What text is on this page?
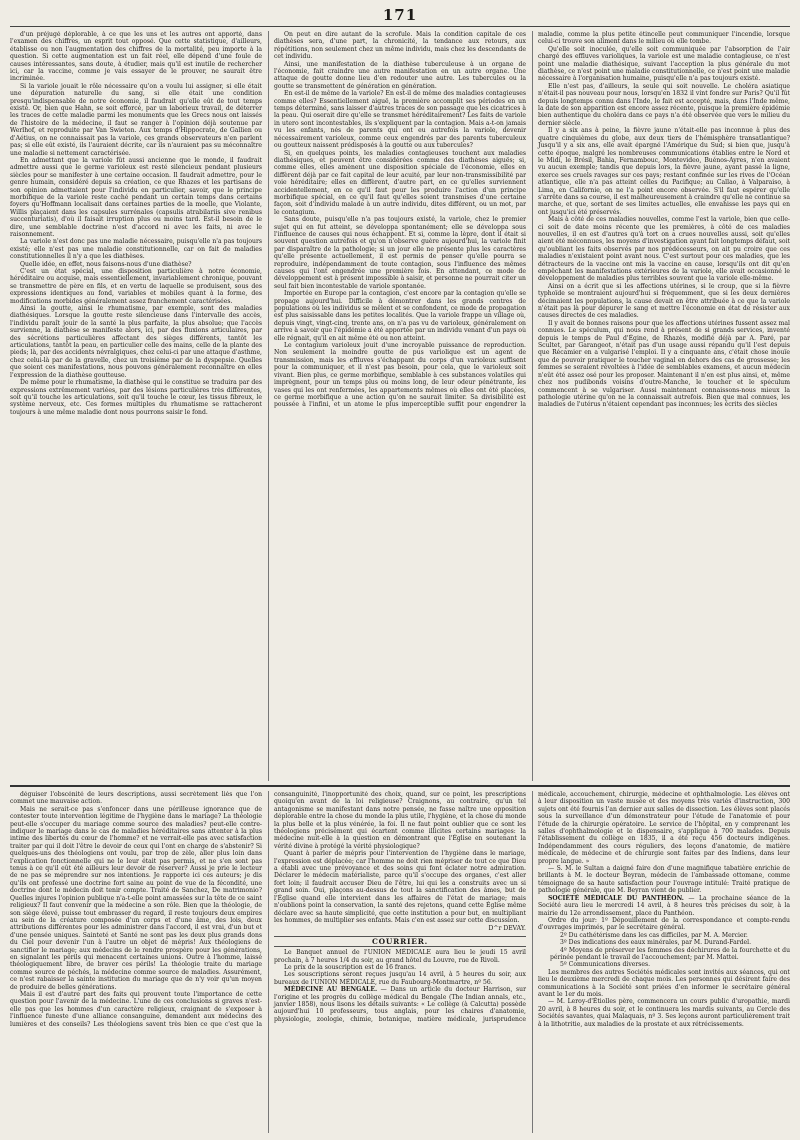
171

d'un préjugé déplorable, à ce que les uns et les autres ont apporté, dans l'examen des chiffres, un esprit tout opposé. Que cette statistique, d'ailleurs, établisse ou non l'augmentation des chiffres de la mortalité, peu importe à la question. Si cette augmentation est un fait réel, elle dépend d'une foule de causes intéressantes, sans doute, à étudier, mais qu'il est inutile de rechercher ici, car la vaccine, comme je vais essayer de le prouver, ne saurait être incriminée.

Si la variole jouait le rôle nécessaire qu'on a voulu lui assigner, si elle était une dépuration naturelle du sang, si elle était une condition presqu'indispensable de notre économie, il faudrait qu'elle eût de tout temps existé. Or, bien que Hahn, se soit efforcé, par un laborieux travail, de déterrer les traces de cette maladie parmi les monuments que les Grecs nous ont laissés de l'histoire de la médecine, il faut se ranger à l'opinion déjà soutenue par Werlhof, et reproduite par Van Swieten. Aux temps d'Hippocrate, de Gallien ou d'Aétius, on ne connaissait pas la variole, ces grands observateurs n'en parlent pas; si elle eût existé, ils l'auraient décrite, car ils n'auraient pas su méconnaître une maladie si nettement caractérisée.

En admettant que la variole fût aussi ancienne que le monde, il faudrait admettre aussi que le germe varioleux est resté silencieux pendant plusieurs siècles pour se manifester à une certaine occasion. Il faudrait admettre, pour le genre humain, considéré depuis sa création, ce que Rhazes et les partisans de son opinion admettaient pour l'individu en particulier, savoir, que le principe morbifique de la variole reste caché pendant un certain temps dans certains foyers qu'Hoffmann localisait dans certaines parties de la moelle, que Violante, Willis plaçaient dans les capsules surrénales (capsulis atrabilariis sive renibus succenturiatis), d'où il faisait irruption plus ou moins tard. Est-il besoin de le dire, une semblable doctrine n'est d'accord ni avec les faits, ni avec le raisonnement.

La variole n'est donc pas une maladie nécessaire, puisqu'elle n'a pas toujours existé; elle n'est pas une maladie constitutionnelle, car on fait de maladies constitutionnelles il n'y a que les diathèses.

Quelle idée, en effet, nous faisons-nous d'une diathèse?

C'est un état spécial, une disposition particulière à notre économie, héréditaire ou acquise, mais essentiellement, invariablement chronique, pouvant se transmettre de père en fils, et en vertu de laquelle se produisent, sous des expressions identiques au fond, variables et mobiles quant à la forme, des modifications morbides généralement assez franchement caractérisées.

Ainsi la goutte, ainsi le rhumatisme, par exemple, sont des maladies diathésiques. Lorsque la goutte reste silencieuse dans l'intervalle des accès, l'individu paraît jouir de la santé la plus parfaite, la plus absolue; que l'accès survienne, la diathèse se manifeste alors, ici, par des fluxions articulaires, par des sécrétions particulières affectant des sièges différents, tantôt les articulations, tantôt la peau, en particulier celle des mains, celle de la plante des pieds; là, par des accidents névralgiques, chez celui-ci par une attaque d'asthme, chez celui-là par de la gravelle, chez un troisième par de la dyspepsie. Quelles que soient ces manifestations, nous pouvons généralement reconnaître en elles l'expression de la diathèse goutteuse.

De même pour le rhumatisme, la diathèse qui le constitue se traduira par des expressions extrêmement variées, par des lésions particulières très différentes, soit qu'il touche les articulations, soit qu'il touche le cœur, les tissus fibreux, le système nerveux, etc. Ces formes multiples du rhumatisme se rattacheront toujours à une même maladie dont nous pourrons saisir le fond.

On peut en dire autant de la scrofule. Mais la condition capitale de ces diathèses sera, d'une part, la chronicité, la tendance aux retours, aux répétitions, non seulement chez un même individu, mais chez les descendants de cet individu.

Ainsi, une manifestation de la diathèse tuberculeuse à un organe de l'économie, fait craindre une autre manifestation en un autre organe. Une attaque de goutte donne lieu d'en redouter une autre. Les tubercules ou la goutte se transmettent de génération en génération.

En est-il de même de la variole? En est-il de même des maladies contagieuses comme elles? Essentiellement aiguë, la première accomplit ses périodes en un temps déterminé, sans laisser d'autres traces de son passage que les cicatrices à la peau. Qui oserait dire qu'elle se transmet héréditairement? Les faits de variole in utero sont incontestables, ils s'expliquent par la contagion. Mais a-t-on jamais vu les enfants, nés de parents qui ont eu autrefois la variole, devenir nécessairement varioleux, comme ceux engendrés par des parents tuberculeux ou goutteux naissent prédisposés à la goutte ou aux tubercules?

Si, en quelques points, les maladies contagieuses touchent aux maladies diathésiques, et peuvent être considérées comme des diathèses aiguës; si, comme elles, elles amènent une disposition spéciale de l'économie, elles en diffèrent déjà par ce fait capital de leur acuité, par leur non-transmissibilité par voie héréditaire; elles en diffèrent, d'autre part, en ce qu'elles surviennent accidentellement, en ce qu'il faut pour les produire l'action d'un principe morbifique spécial, en ce qu'il faut qu'elles soient transmises d'une certaine façon, soit d'individu malade à un autre individu, dites différent, ou un mot, par le contagium.

Sans doute, puisqu'elle n'a pas toujours existé, la variole, chez le premier sujet qui en fut atteint, se développa spontanément; elle se développa sous l'influence de causes qui nous échappent. Et si, comme la lèpre, dont il était si souvent question autrefois et qu'on n'observe guère aujourd'hui, la variole finit par disparaître de la pathologie; si un jour elle ne présente plus les caractères qu'elle présente actuellement, il est permis de penser qu'elle pourra se reproduire, indépendamment de toute contagion, sous l'influence des mêmes causes qui l'ont engendrée une première fois. En attendant, ce mode de développement est à présent impossible à saisir, et personne ne pourrait citer un seul fait bien incontestable de variole spontanée.

Importée en Europe par la contagion, c'est encore par la contagion qu'elle se propage aujourd'hui. Difficile à démontrer dans les grands centres de populations où les individus se mêlent et se confondent, ce mode de propagation est plus saisissable dans les petites localités. Que la variole frappe un village où, depuis vingt, vingt-cinq, trente ans, on n'a pas vu de varioleux, généralement on arrive à savoir que l'épidémie a été apportée par un individu venant d'un pays où elle régnait, qu'il en ait même été ou non atteint.

Le contagium varioleux jouit d'une incroyable puissance de reproduction. Non seulement la moindre goutte de pus variolique est un agent de transmission, mais les effluves s'échappant du corps d'un varioleux suffisent pour la communiquer, et il n'est pas besoin, pour cela, que le varioleux soit vivant. Bien plus, ce germe morbifique, semblable à ces substances volatiles qui imprègnent, pour un temps plus ou moins long, de leur odeur pénétrante, les vases qui les ont renfermées, les appartements mêmes où elles ont été placées, ce germe morbifique a une action qu'on ne saurait limiter. Sa divisibilité est poussée à l'infini, et un atome le plus imperceptible suffit pour engendrer la maladie, comme la plus petite étincelle peut communiquer l'incendie, lorsque celui-ci trouve son aliment dans le milieu où elle tombe.

Qu'elle soit inoculée, qu'elle soit communiquée par l'absorption de l'air chargé des effluves varioliques, la variole est une maladie contagieuse, ce n'est point une maladie diathésique, suivant l'acception la plus générale du mot diathèse, ce n'est point une maladie constitutionnelle, ce n'est point une maladie nécessaire à l'organisation humaine, puisqu'elle n'a pas toujours existé.

Elle n'est pas, d'ailleurs, la seule qui soit nouvelle. Le choléra asiatique n'était-il pas nouveau pour nous, lorsqu'en 1832 il vint fondre sur Paris? Qu'il fût depuis longtemps connu dans l'Inde, le fait est accepté, mais, dans l'Inde même, la date de son apparition est encore assez récente, puisque la première épidémie bien authentique du choléra dans ce pays n'a été observée que vers le milieu du dernier siècle.

Il y a six ans à peine, la fièvre jaune n'était-elle pas inconnue à plus des quatre cinquièmes du globe, aux deux tiers de l'hémisphère transatlantique? Jusqu'il y a six ans, elle avait épargné l'Amérique du Sud; si bien que, jusqu'à cette époque, malgré les nombreuses communications établies entre le Nord et le Midi, le Brésil, Bahia, Fernambouc, Montevideo, Buénos-Ayres, n'en avaient vu aucun exemple; tandis que depuis lors, la fièvre jaune, ayant passé la ligne, exerce ses cruels ravages sur ces pays; restant confinée sur les rives de l'Océan atlantique, elle n'a pas atteint celles du Pacifique; au Callao, à Valparaiso, à Lima, en Californie, on ne l'a point encore observée. S'il faut espérer qu'elle s'arrête dans sa course, il est malheureusement à craindre qu'elle ne continue sa marche, et que, sortant de ses limites actuelles, elle envahisse les pays qui en ont jusqu'ici été préservés.

Mais à côté de ces maladies nouvelles, comme l'est la variole, bien que celle-ci soit de date moins récente que les premières, à côté de ces maladies nouvelles, il en est d'autres qu'à tort on a crues nouvelles aussi, soit qu'elles aient été méconnues, les moyens d'investigation ayant fait longtemps défaut, soit qu'oubliant les faits observés par nos prédécesseurs, on ait pu croire que ces maladies n'existaient point avant nous. C'est surtout pour ces maladies, que les détracteurs de la vaccine ont mis la vaccine en cause, lorsqu'ils ont dit qu'en empêchant les manifestations extérieures de la variole, elle avait occasionné le développement de maladies plus terribles souvent que la variole elle-même.

Ainsi on a écrit que si les affections utérines, si le croup, que si la fièvre typhoïde se montraient aujourd'hui si fréquemment, que si les deux dernières décimaient les populations, la cause devait en être attribuée à ce que la variole n'était pas là pour dépurer le sang et mettre l'économie en état de résister aux causes directes de ces maladies.

Il y avait de bonnes raisons pour que les affections utérines fussent assez mal connues. Le spéculum, qui nous rend à présent de si grands services, inventé depuis le temps de Paul d'Égine, de Rhazès, modifié déjà par A. Paré, par Scultet, par Garangeot, n'était pas d'un usage aussi répandu qu'il l'est depuis que Récamier en a vulgarisé l'emploi. Il y a cinquante ans, c'était chose inouïe que de pouvoir pratiquer le toucher vaginal en dehors des cas de grossesse; les femmes se seraient révoltées à l'idée de semblables examens, et aucun médecin n'eût été assez osé pour les proposer. Maintenant il n'en est plus ainsi, et, même chez nos pudibonds voisins d'outre-Manche, le toucher et le spéculum commencent à se vulgariser. Aussi maintenant connaissons-nous mieux la pathologie utérine qu'on ne la connaissait autrefois. Bien que mal connues, les maladies de l'utérus n'étaient cependant pas inconnues; les écrits des siècles

déguiser l'obscénité de leurs descriptions, aussi secrètement liés que l'on commet une mauvaise action.

Mais ne serait-ce pas s'enfoncer dans une périlleuse ignorance que de contester toute intervention légitime de l'hygiène dans le mariage? La théologie peut-elle s'occuper du mariage comme source des maladies? peut-elle contre-indiquer le mariage dans le cas de maladies héréditaires sans attenter à la plus intime des libertés du cœur de l'homme? et ne verrait-elle pas avec satisfaction traiter par qui il doit l'être le devoir de ceux qui l'ont en charge de s'abstenir? Si quelques-uns des théologiens ont voulu, par trop de zèle, aller plus loin dans l'explication fonctionnelle qui ne le leur était pas permis, et ne s'en sont pas tenus à ce qu'il eût été ailleurs leur devoir de réserver? Aussi je prie le lecteur de ne pas se méprendre sur nos intentions. Je rapporte ici ces auteurs; je dis qu'ils ont professé une doctrine fort saine au point de vue de la fécondité, une doctrine dont le médecin doit tenir compte. Traité de Sanchez, De matrimonio? Quelles injures l'opinion publique n'a-t-elle point amassées sur la tête de ce saint religieux? Il faut convenir que la médecine a son rôle. Bien que la théologie, de son siège élevé, puisse tout embrasser du regard, il reste toujours deux empires au sein de la créature composée d'un corps et d'une âme, des lois, deux attributions différentes pour les administrer dans l'accord, il est vrai, d'un but et d'une pensée uniques. Sainteté et Santé ne sont pas les deux plus grands dons du Ciel pour devenir l'un à l'autre un objet de mépris! Aux théologiens de sanctifier le mariage; aux médecins de le rendre prospère pour les générations, en signalant les périls qui menacent certaines unions. Outre à l'homme, laissé théologiquement libre, de braver ces périls! La théologie traite du mariage comme source de péchés, la médecine comme source de maladies. Assurément, ce n'est rabaisser la sainte institution du mariage que de n'y voir qu'un moyen de produire de belles générations.

Mais il est d'autre part des faits qui prouvent toute l'importance de cette question pour l'avenir de la médecine. L'une de ces conclusions si graves n'est-elle pas que les hommes d'un caractère religieux, craignant de s'exposer à l'influence funeste d'une alliance consanguine, demandent aux médecins des lumières et des conseils? Les théologiens savent très bien ce que c'est que la consanguinité, l'inopportunité des choix, quand, sur ce point, les prescriptions quoiqu'en avant de la loi religieuse? Craignons, au contraire, qu'un tel antagonisme se manifestant dans notre pensée, ne fasse naître une opposition déplorable entre la chose du monde la plus utile, l'hygiène, et la chose du monde la plus belle et la plus vénérée, la foi. Il ne faut point oublier que ce sont les théologiens précisément qui écartent comme illicites certains mariages: la médecine nuit-elle à la question en démontrant que l'Église en soutenant la vérité divine à protégé la vérité physiologique?

Quant à parler de mépris pour l'intervention de l'hygiène dans le mariage, l'expression est déplacée; car l'homme ne doit rien mépriser de tout ce que Dieu a établi avec une prévoyance et des soins qui font éclater notre admiration. Déclarer le médecin matérialiste, parce qu'il s'occupe des organes, c'est aller fort loin; il faudrait accuser Dieu de l'être, lui qui les a construits avec un si grand soin. Oui, plaçons au-dessus de tout la sanctification des âmes, but de l'Église quand elle intervient dans les affaires de l'état de mariage; mais n'oublions point la conservation, la santé des rejetons, quand cette Église même déclare avec sa haute simplicité, que cette institution a pour but, en multipliant les hommes, de multiplier ses enfants. Mais c'en est assez sur cette discussion.

D^r DEVAY.
COURRIER.

Le Banquet annuel de l'UNION MÉDICALE aura lieu le jeudi 15 avril prochain, à 7 heures 1/4 du soir, au grand hôtel du Louvre, rue de Rivoli.

Le prix de la souscription est de 16 francs.

Les souscriptions seront reçues jusqu'au 14 avril, à 5 heures du soir, aux bureaux de l'UNION MÉDICALE, rue du Faubourg-Montmartre, nº 56.

MÉDECINE AU BENGALE. — Dans un article du docteur Harrison, sur l'origine et les progrès du collège médical du Bengale (The Indian annals, etc., janvier 1858), nous lisons les détails suivants: « Le collège (à Calcutta) possède aujourd'hui 10 professeurs, tous anglais, pour les chaires d'anatomie, physiologie, zoologie, chimie, botanique, matière médicale, jurisprudence médicale, accouchement, chirurgie, médecine et ophthalmologie. Les élèves ont à leur disposition un vaste musée et des moyens très variés d'instruction, 300 sujets ont été fournis l'an dernier aux salles de dissection. Les élèves sont placés sous la surveillance d'un démonstrateur pour l'étude de l'anatomie et pour l'étude de la chirurgie opératoire. Le service de l'hôpital, en y comprenant les salles d'ophthalmologie et le dispensaire, s'applique à 700 malades. Depuis l'établissement du collège en 1835, il a été reçu 456 docteurs indigènes. Indépendamment des cours réguliers, des leçons d'anatomie, de matière médicale, de médecine et de chirurgie sont faites par des Indiens, dans leur propre langue. »

— S. M. le Sultan a daigné faire don d'une magnifique tabatière enrichie de brillants à M. le docteur Beyran, médecin de l'ambassade ottomane, comme témoignage de sa haute satisfaction pour l'ouvrage intitulé: Traité pratique de pathologie générale, que M. Beyran vient de publier.

SOCIÉTÉ MÉDICALE DU PANTHÉON. — La prochaine séance de la Société aura lieu le mercredi 14 avril, à 8 heures très précises du soir, à la mairie du 12e arrondissement, place du Panthéon.

Ordre du jour: 1º Dépouillement de la correspondance et compte-rendu d'ouvrages imprimés, par le secrétaire général.

2º Du cathétérisme dans les cas difficiles, par M. A. Mercier.

3º Des indications des eaux minérales, par M. Durand-Fardel.

4º Moyens de préserver les femmes des déchirures de la fourchette et du périnée pendant le travail de l'accouchement; par M. Mattei.

5º Communications diverses.

Les membres des autres Sociétés médicales sont invités aux séances, qui ont lieu le deuxième mercredi de chaque mois. Les personnes qui désirent faire des communications à la Société sont priées d'en informer le secrétaire général avant le 1er du mois.

— M. Leroy-d'Étiolles père, commencera un cours public d'uropathie, mardi 20 avril, à 8 heures du soir, et le continuera les mardis suivants, au Cercle des Sociétés savantes, quai Malaquais, nº 3. Ses leçons auront particulièrement trait à la lithotritie, aux maladies de la prostate et aux rétrécissements.
